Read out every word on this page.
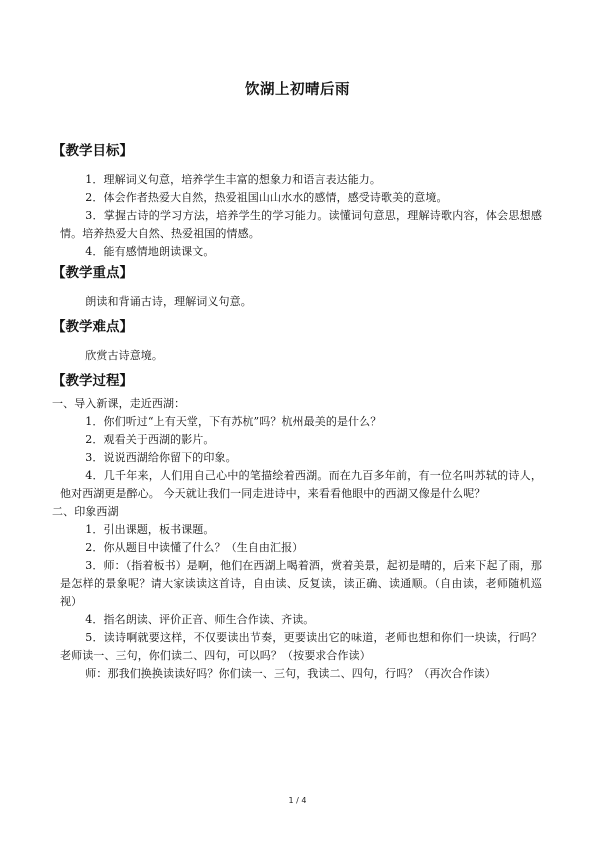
饮湖上初晴后雨
【教学目标】

1．理解词义句意，培养学生丰富的想象力和语言表达能力。

2．体会作者热爱大自然，热爱祖国山山水水的感情，感受诗歌美的意境。

3．掌握古诗的学习方法，培养学生的学习能力。读懂词句意思，理解诗歌内容，体会思想感情。培养热爱大自然、热爱祖国的情感。

4．能有感情地朗读课文。

【教学重点】

朗读和背诵古诗，理解词义句意。

【教学难点】

欣赏古诗意境。

【教学过程】

一、导入新课，走近西湖：

1．你们听过“上有天堂，下有苏杭”吗？杭州最美的是什么？

2．观看关于西湖的影片。

3．说说西湖给你留下的印象。

4．几千年来，人们用自己心中的笔描绘着西湖。而在九百多年前，有一位名叫苏轼的诗人，他对西湖更是醉心。 今天就让我们一同走进诗中，来看看他眼中的西湖又像是什么呢？

二、印象西湖

1．引出课题，板书课题。

2．你从题目中读懂了什么？（生自由汇报）

3．师：（指着板书）是啊，他们在西湖上喝着酒，赏着美景，起初是晴的，后来下起了雨，那是怎样的景象呢？请大家读读这首诗，自由读、反复读，读正确、读通顺。（自由读，老师随机巡视）

4．指名朗读、评价正音、师生合作读、齐读。

5．读诗啊就要这样，不仅要读出节奏，更要读出它的味道，老师也想和你们一块读，行吗？老师读一、三句，你们读二、四句，可以吗？（按要求合作读）

师：那我们换换读读好吗？你们读一、三句，我读二、四句，行吗？（再次合作读）

1 / 4
